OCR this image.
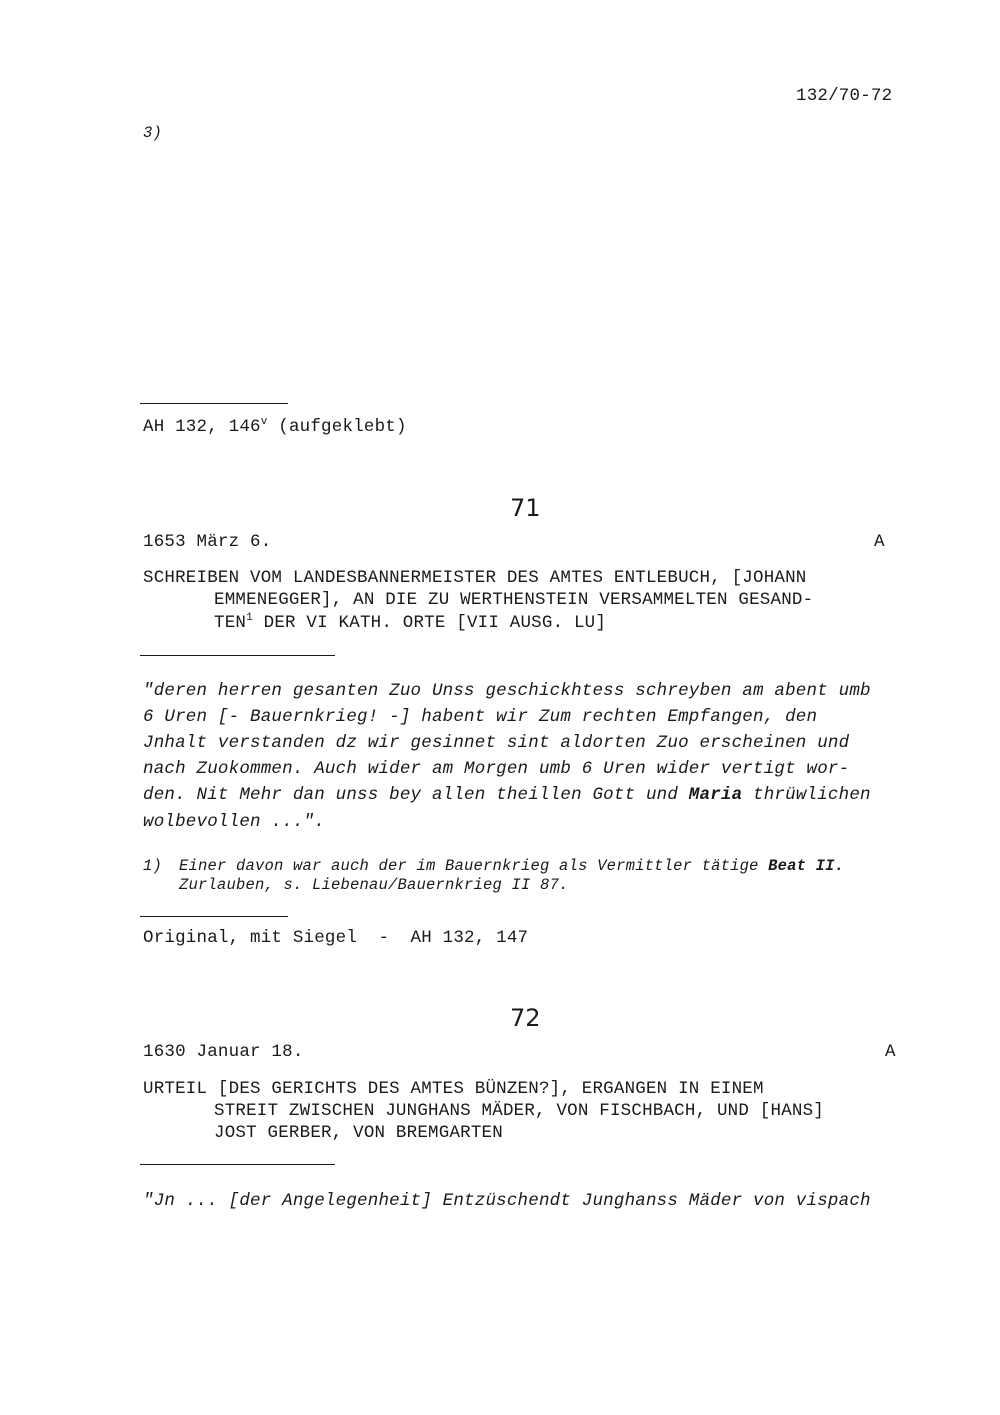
132/70-72
3)
AH 132, 146$^v$ (aufgeklebt)
71
1653 März 6.	A
SCHREIBEN VOM LANDESBANNERMEISTER DES AMTES ENTLEBUCH, [JOHANN
EMMENEGGER], AN DIE ZU WERTHENSTEIN VERSAMMELTEN GESAND-
TEN$^1$ DER VI KATH. ORTE [VII AUSG. LU]
"deren herren gesanten Zuo Unss geschickhtess schreyben am abent umb
6 Uren [- Bauernkrieg! -] habent wir Zum rechten Empfangen, den
Jnhalt verstanden dz wir gesinnet sint aldorten Zuo erscheinen und
nach Zuokommen. Auch wider am Morgen umb 6 Uren wider vertigt wor-
den. Nit Mehr dan unss bey allen theillen Gott und Maria thrüwlichen
wolbevollen ...".
1) Einer davon war auch der im Bauernkrieg als Vermittler tätige Beat II.
Zurlauben, s. Liebenau/Bauernkrieg II 87.
Original, mit Siegel  -  AH 132, 147
72
1630 Januar 18.	A
URTEIL [DES GERICHTS DES AMTES BÜNZEN?], ERGANGEN IN EINEM
STREIT ZWISCHEN JUNGHANS MÄDER, VON FISCHBACH, UND [HANS]
JOST GERBER, VON BREMGARTEN
"Jn ... [der Angelegenheit] Entzüschendt Junghanss Mäder von vispach
